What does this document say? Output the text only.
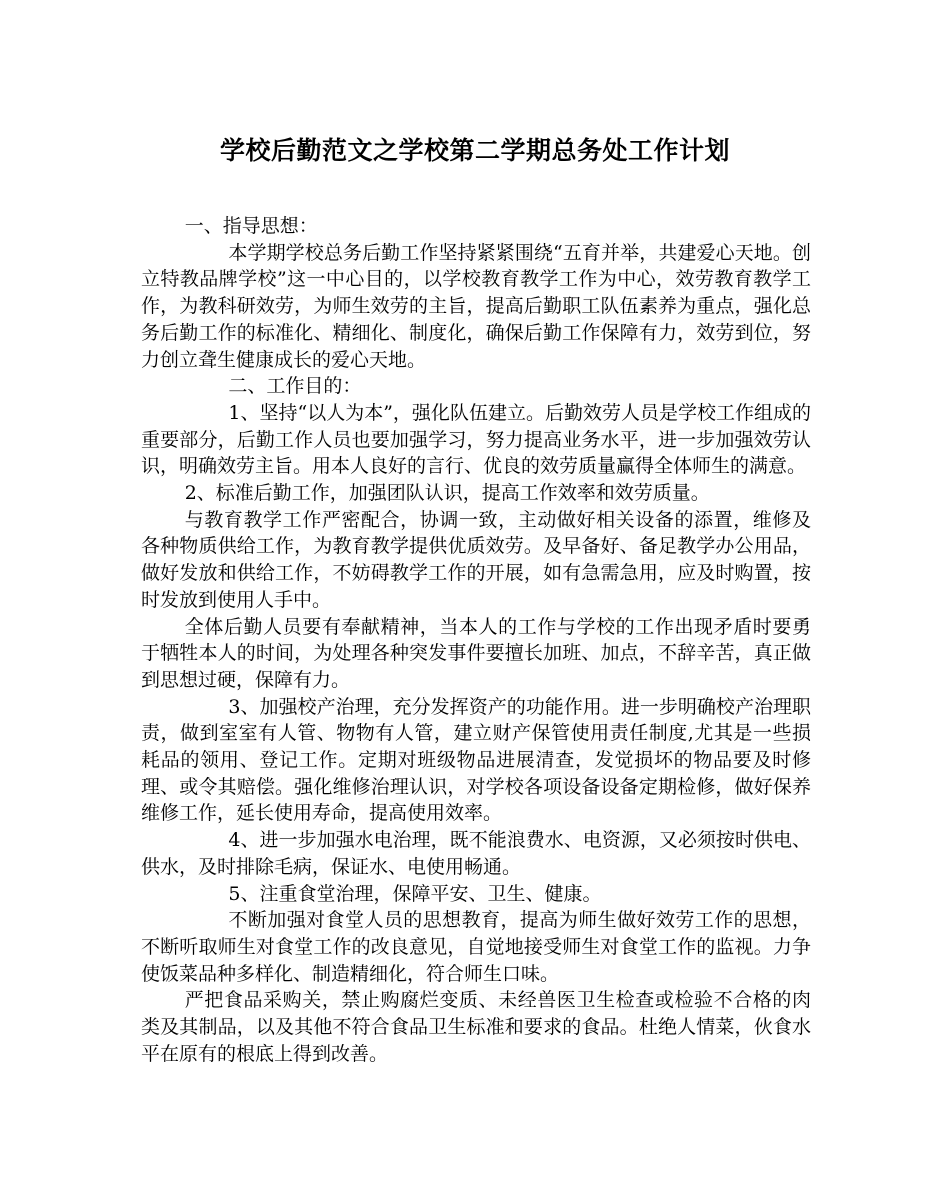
学校后勤范文之学校第二学期总务处工作计划

一、指导思想：

本学期学校总务后勤工作坚持紧紧围绕“五育并举，共建爱心天地。创立特教品牌学校”这一中心目的，以学校教育教学工作为中心，效劳教育教学工作，为教科研效劳，为师生效劳的主旨，提高后勤职工队伍素养为重点，强化总务后勤工作的标准化、精细化、制度化，确保后勤工作保障有力，效劳到位，努力创立聋生健康成长的爱心天地。

二、工作目的：

1、坚持“以人为本”，强化队伍建立。后勤效劳人员是学校工作组成的重要部分，后勤工作人员也要加强学习，努力提高业务水平，进一步加强效劳认识，明确效劳主旨。用本人良好的言行、优良的效劳质量赢得全体师生的满意。

2、标准后勤工作，加强团队认识，提高工作效率和效劳质量。

与教育教学工作严密配合，协调一致，主动做好相关设备的添置，维修及各种物质供给工作，为教育教学提供优质效劳。及早备好、备足教学办公用品，做好发放和供给工作，不妨碍教学工作的开展，如有急需急用，应及时购置，按时发放到使用人手中。

全体后勤人员要有奉献精神，当本人的工作与学校的工作出现矛盾时要勇于牺牲本人的时间，为处理各种突发事件要擅长加班、加点，不辞辛苦，真正做到思想过硬，保障有力。

3、加强校产治理，充分发挥资产的功能作用。进一步明确校产治理职责，做到室室有人管、物物有人管，建立财产保管使用责任制度,尤其是一些损耗品的领用、登记工作。定期对班级物品进展清查，发觉损坏的物品要及时修理、或令其赔偿。强化维修治理认识，对学校各项设备设备定期检修，做好保养维修工作，延长使用寿命，提高使用效率。

4、进一步加强水电治理，既不能浪费水、电资源，又必须按时供电、供水，及时排除毛病，保证水、电使用畅通。

5、注重食堂治理，保障平安、卫生、健康。

不断加强对食堂人员的思想教育，提高为师生做好效劳工作的思想，不断听取师生对食堂工作的改良意见，自觉地接受师生对食堂工作的监视。力争使饭菜品种多样化、制造精细化，符合师生口味。

严把食品采购关，禁止购腐烂变质、未经兽医卫生检查或检验不合格的肉类及其制品，以及其他不符合食品卫生标准和要求的食品。杜绝人情菜，伙食水平在原有的根底上得到改善。
